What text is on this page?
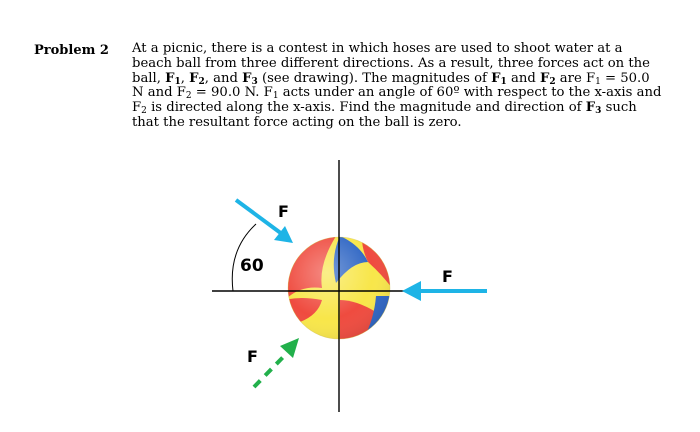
Problem 2 At a picnic, there is a contest in which hoses are used to shoot water at a beach ball from three different directions. As a result, three forces act on the ball, $F_1$, $F_2$, and $F_3$ (see drawing). The magnitudes of $F_1$ and $F_2$ are $F_1 = 50.0$ N and $F_2 = 90.0$ N. $F_1$ acts under an angle of 60º with respect to the x-axis and $F_2$ is directed along the x-axis. Find the magnitude and direction of $F_3$ such that the resultant force acting on the ball is zero.

60
F
F
F
